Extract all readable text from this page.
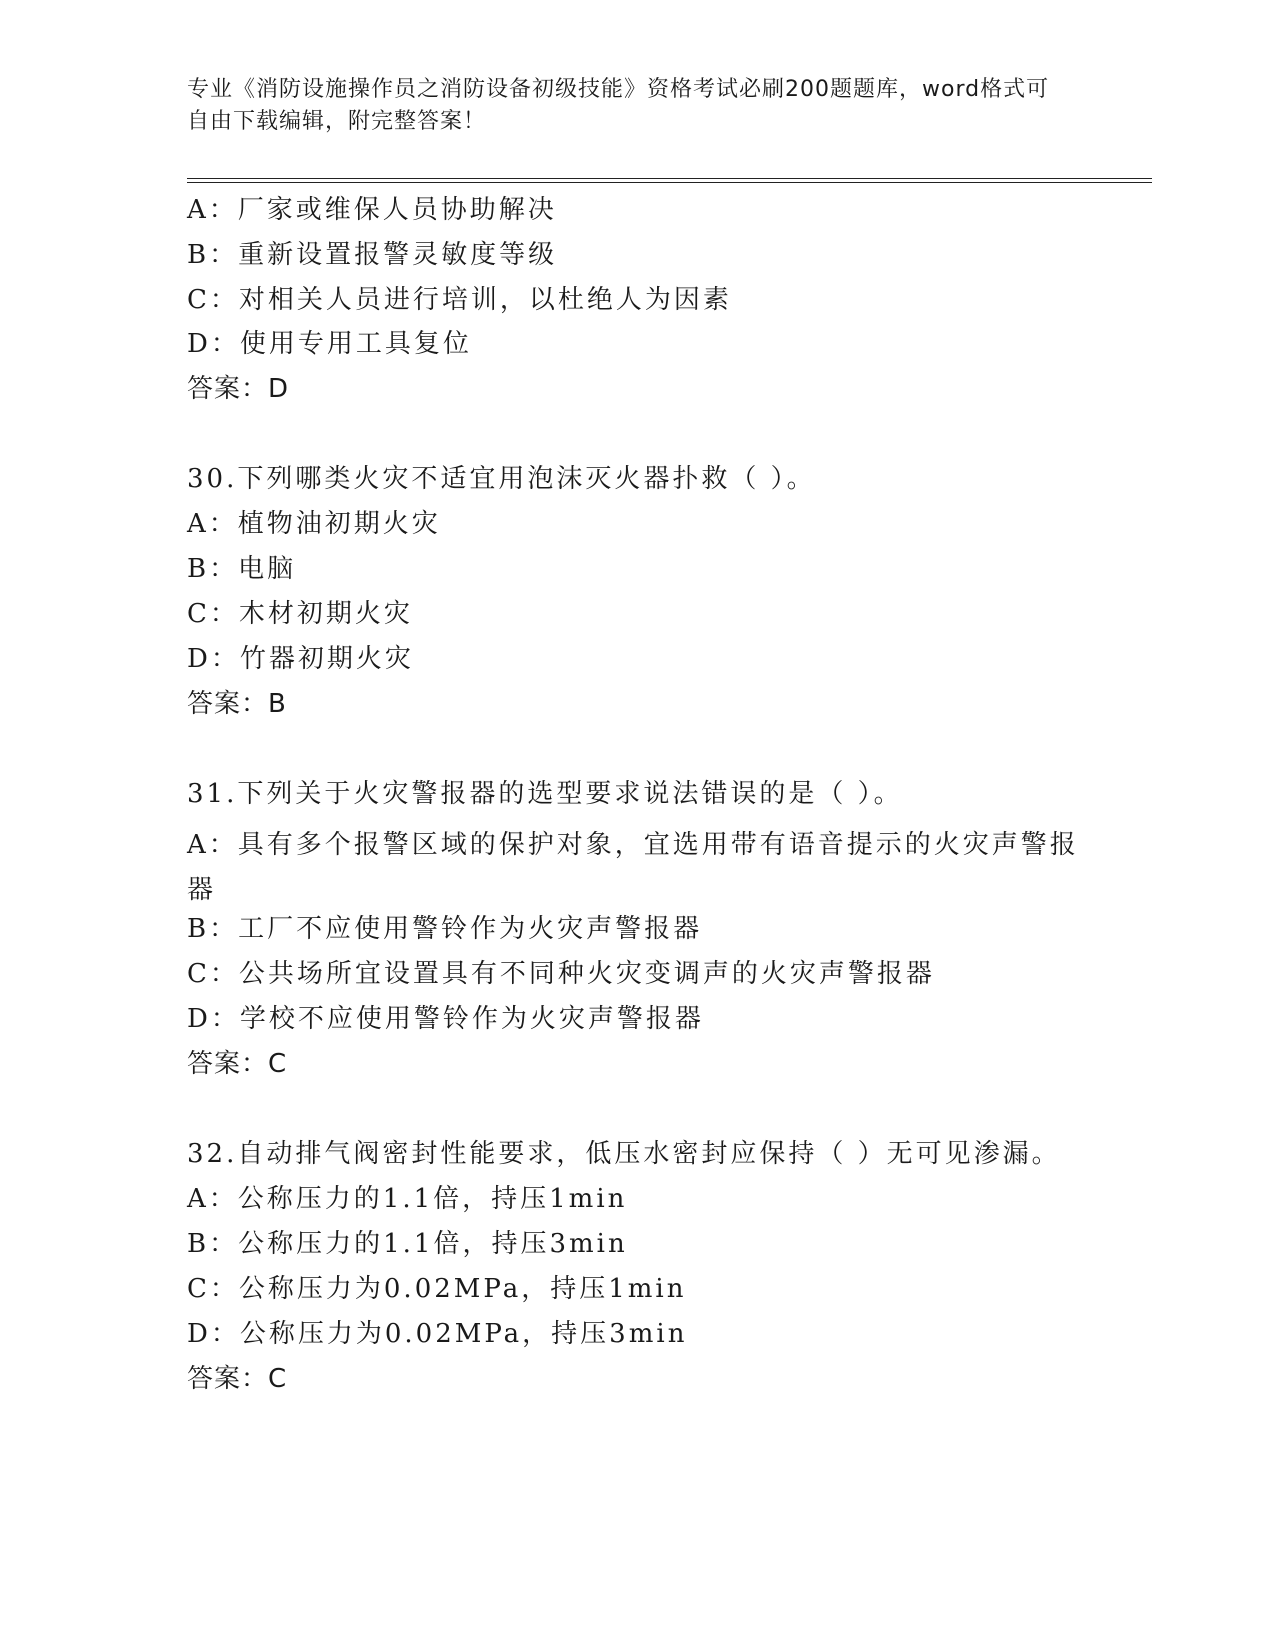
专业《消防设施操作员之消防设备初级技能》资格考试必刷200题题库，word格式可自由下载编辑，附完整答案！
A：厂家或维保人员协助解决
B：重新设置报警灵敏度等级
C：对相关人员进行培训，以杜绝人为因素
D：使用专用工具复位
答案：D
30.下列哪类火灾不适宜用泡沫灭火器扑救（ ）。
A：植物油初期火灾
B：电脑
C：木材初期火灾
D：竹器初期火灾
答案：B
31.下列关于火灾警报器的选型要求说法错误的是（ ）。
A：具有多个报警区域的保护对象，宜选用带有语音提示的火灾声警报器
B：工厂不应使用警铃作为火灾声警报器
C：公共场所宜设置具有不同种火灾变调声的火灾声警报器
D：学校不应使用警铃作为火灾声警报器
答案：C
32.自动排气阀密封性能要求，低压水密封应保持（ ）无可见渗漏。
A：公称压力的1.1倍，持压1min
B：公称压力的1.1倍，持压3min
C：公称压力为0.02MPa，持压1min
D：公称压力为0.02MPa，持压3min
答案：C
